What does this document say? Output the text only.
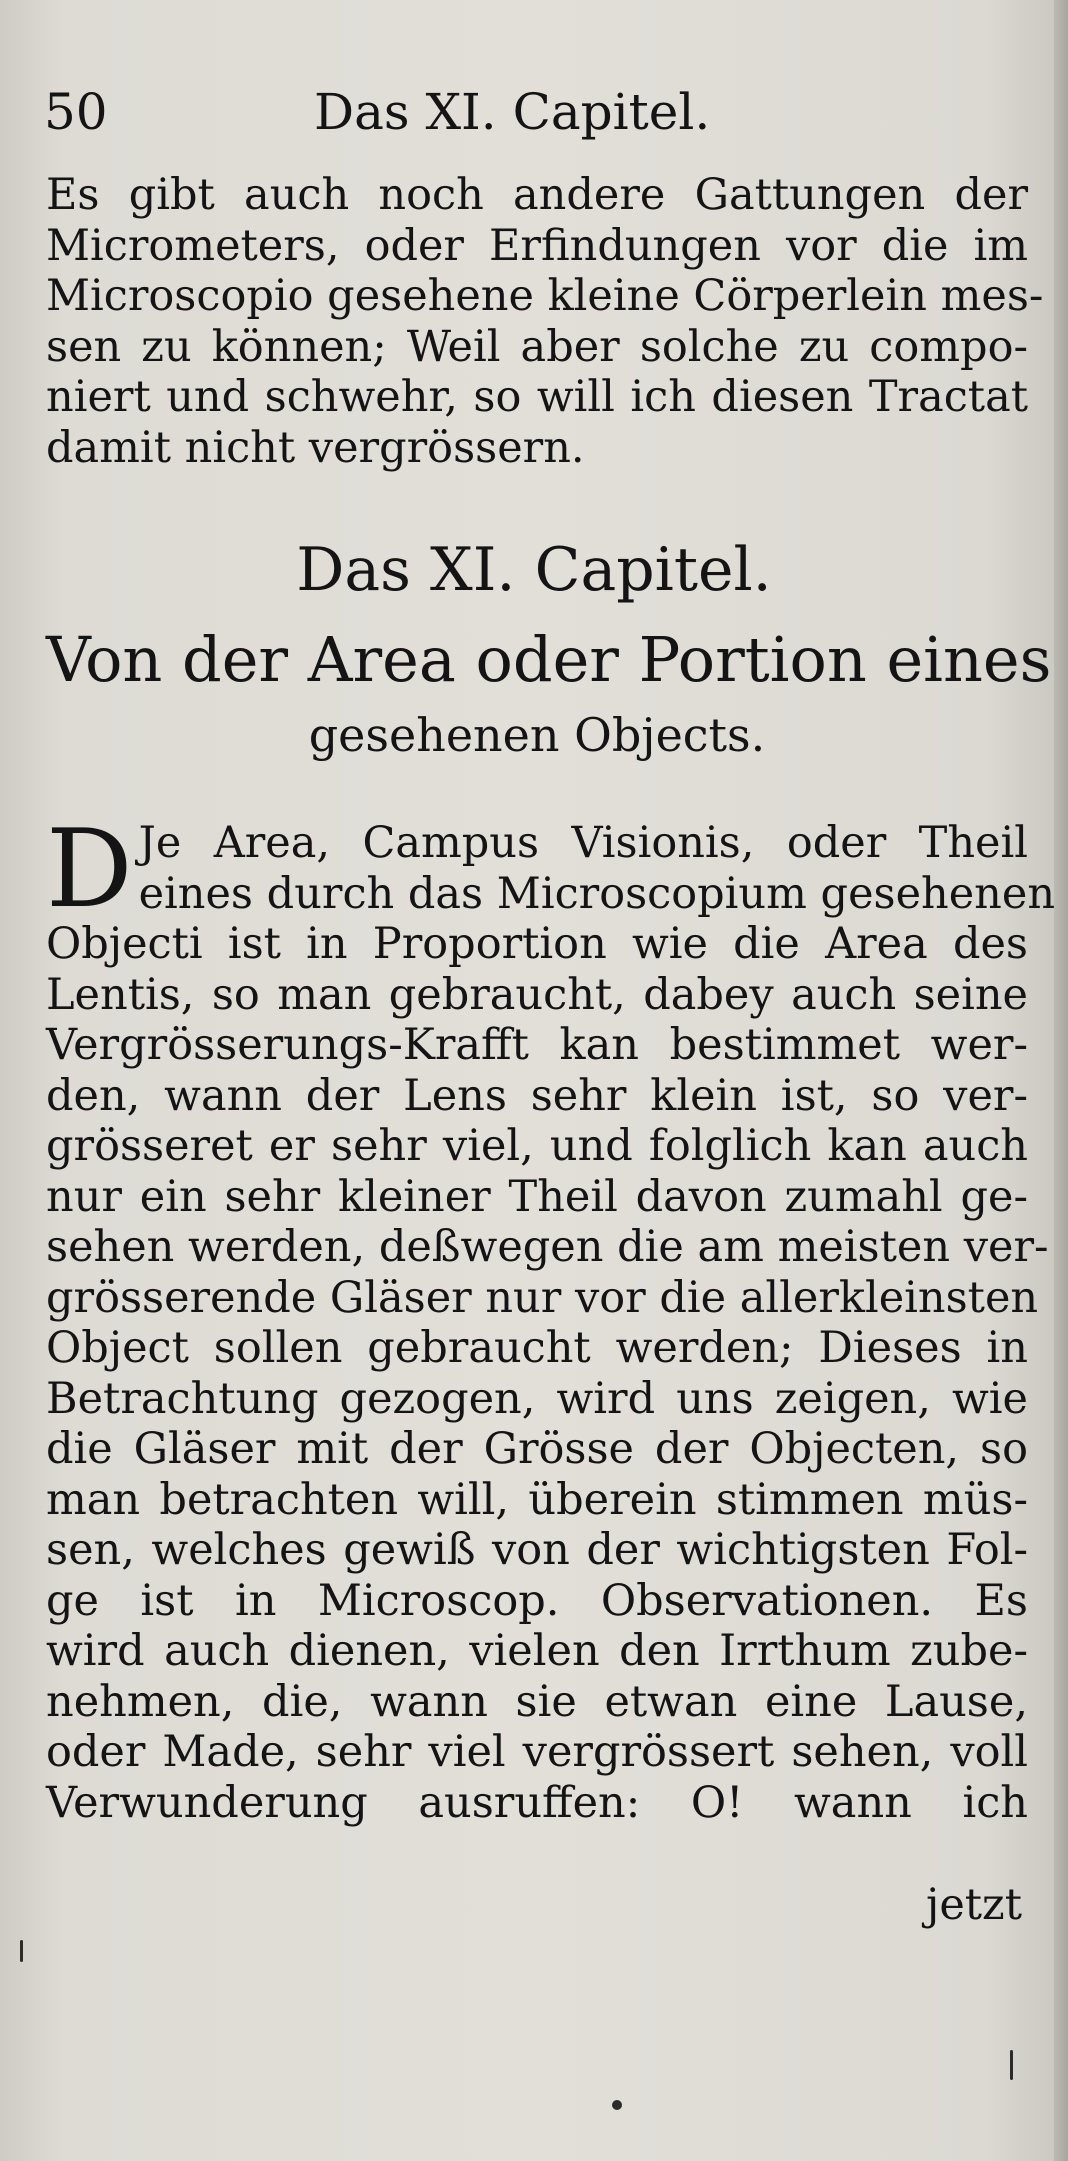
50	Das XI. Capitel.
Es gibt auch noch andere Gattungen der
Micrometers, oder Erfindungen vor die im
Microscopio gesehene kleine Cörperlein mes-
sen zu können; Weil aber solche zu compo-
niert und schwehr, so will ich diesen Tractat
damit nicht vergrössern.
Das XI. Capitel.
Von der Area oder Portion eines
gesehenen Objects.
D Je Area, Campus Visionis, oder Theil
eines durch das Microscopium gesehenen
Objecti ist in Proportion wie die Area des
Lentis, so man gebraucht, dabey auch seine
Vergrösserungs-Krafft kan bestimmet wer-
den, wann der Lens sehr klein ist, so ver-
grösseret er sehr viel, und folglich kan auch
nur ein sehr kleiner Theil davon zumahl ge-
sehen werden, deßwegen die am meisten ver-
grösserende Gläser nur vor die allerkleinsten
Object sollen gebraucht werden; Dieses in
Betrachtung gezogen, wird uns zeigen, wie
die Gläser mit der Grösse der Objecten, so
man betrachten will, überein stimmen müs-
sen, welches gewiß von der wichtigsten Fol-
ge ist in Microscop. Observationen. Es
wird auch dienen, vielen den Irrthum zube-
nehmen, die, wann sie etwan eine Lause,
oder Made, sehr viel vergrössert sehen, voll
Verwunderung ausruffen: O! wann ich
jetzt
